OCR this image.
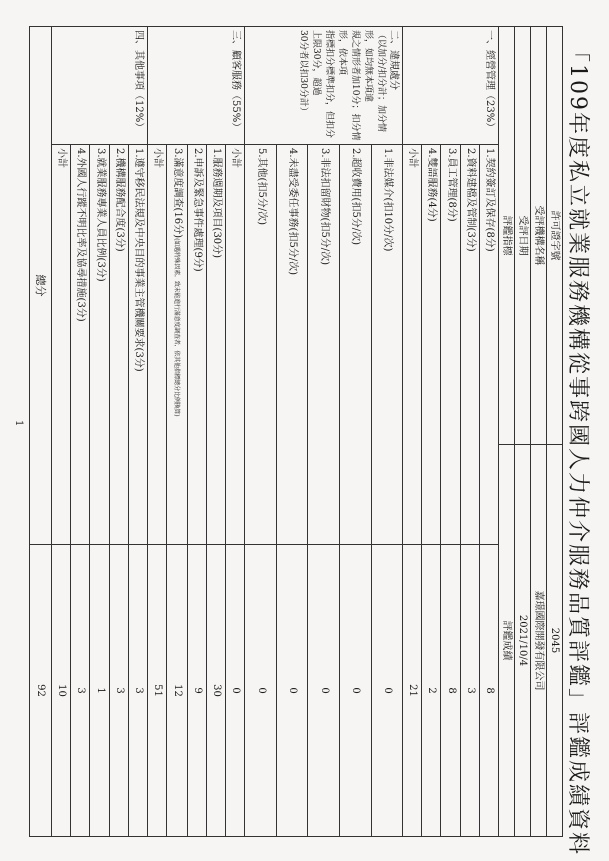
「109年度私立就業服務機構從事跨國人力仲介服務品質評鑑」評鑑成績資料
許可證字號		2045	
受評機構名稱		嘉璟國際開發有限公司	
受評日期		2021/10/4	
評鑑指標		評鑑成績	
一、經營管理（23%）	1.契約簽訂及保存(8分)		8
	2.資料建檔及管制(3分)		3
	3.員工管理(8分)		8
	4.雙語服務(4分)		2
	小計		21

二、違規處分
（以加分/扣分計；加分情形，如均無本項違
規之情形者加10分；扣分情形，依本項
指標扣分標準扣分，但扣分上限30分，超過
30分者以扣30分計）	1.非法媒介(扣10分/次)		0
	2.超收費用(扣5分/次)		0
	3.非法扣留財物(扣5分/次)		0
	4.未盡受委任事務(扣5分/次)		0
	5.其他(扣5分/次)		0
三、顧客服務（55%）	小計		0
	1.服務週期及項目(30分)		30
	2.申訴及緊急事件處理(9分)		9
	3.滿意度調查(16分)(如遇特殊因素，致未能進行滿意度調查者，依其他指標總分比例換算)		12
	小計		51
四、其他事項（12%）	1.遵守移民法規及中央目的事業主管機關要求(3分)		3
	2.機構服務配合度(3分)		3
	3.就業服務專業人員比例(3分)		1
	4.外國人行蹤不明比率及協尋措施(3分)		3
	小計		10
總分			92
1
